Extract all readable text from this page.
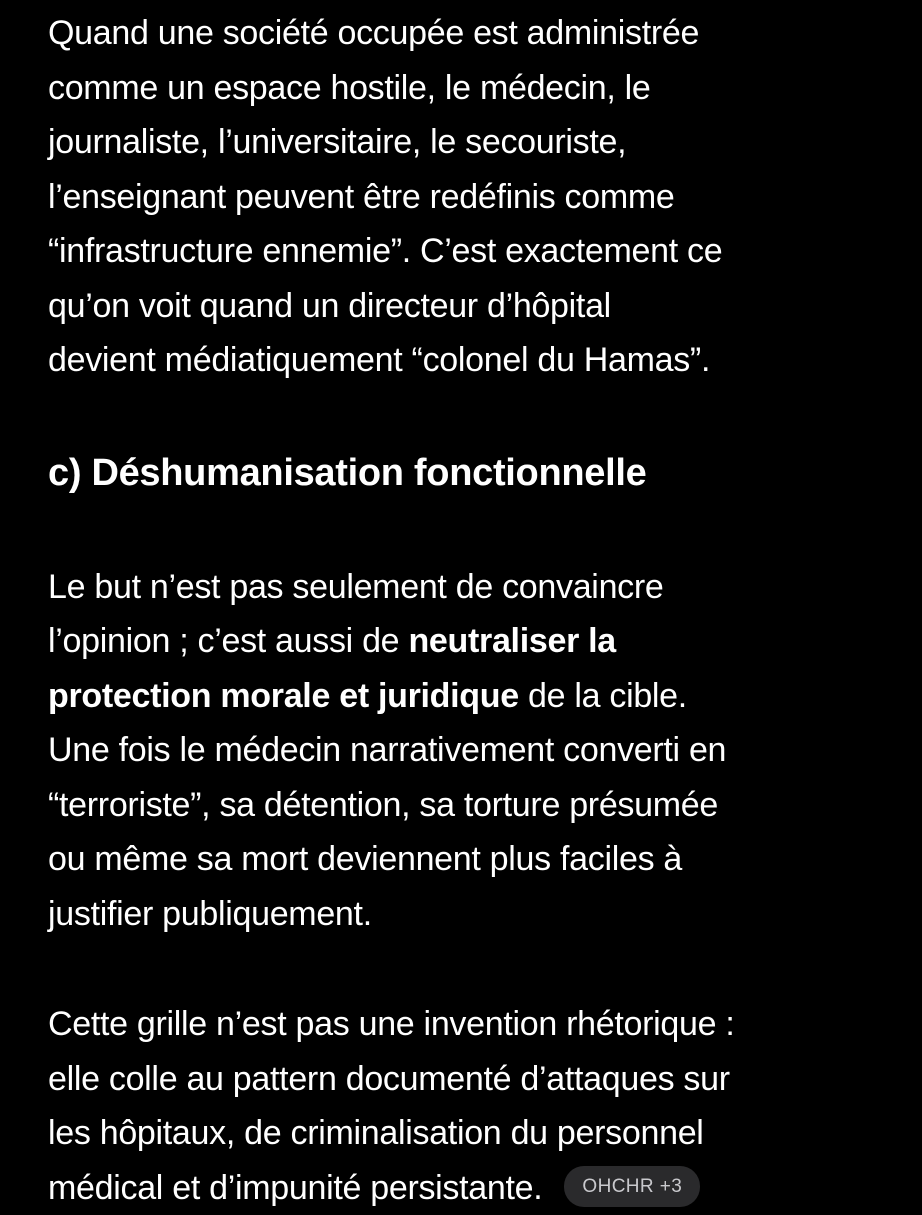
Quand une société occupée est administrée
comme un espace hostile, le médecin, le
journaliste, l’universitaire, le secouriste,
l’enseignant peuvent être redéfinis comme
“infrastructure ennemie”. C’est exactement ce
qu’on voit quand un directeur d’hôpital
devient médiatiquement “colonel du Hamas”.

c) Déshumanisation fonctionnelle

Le but n’est pas seulement de convaincre
l’opinion ; c’est aussi de neutraliser la
protection morale et juridique de la cible.
Une fois le médecin narrativement converti en
“terroriste”, sa détention, sa torture présumée
ou même sa mort deviennent plus faciles à
justifier publiquement.

Cette grille n’est pas une invention rhétorique :
elle colle au pattern documenté d’attaques sur
les hôpitaux, de criminalisation du personnel
médical et d’impunité persistante. OHCHR +3
